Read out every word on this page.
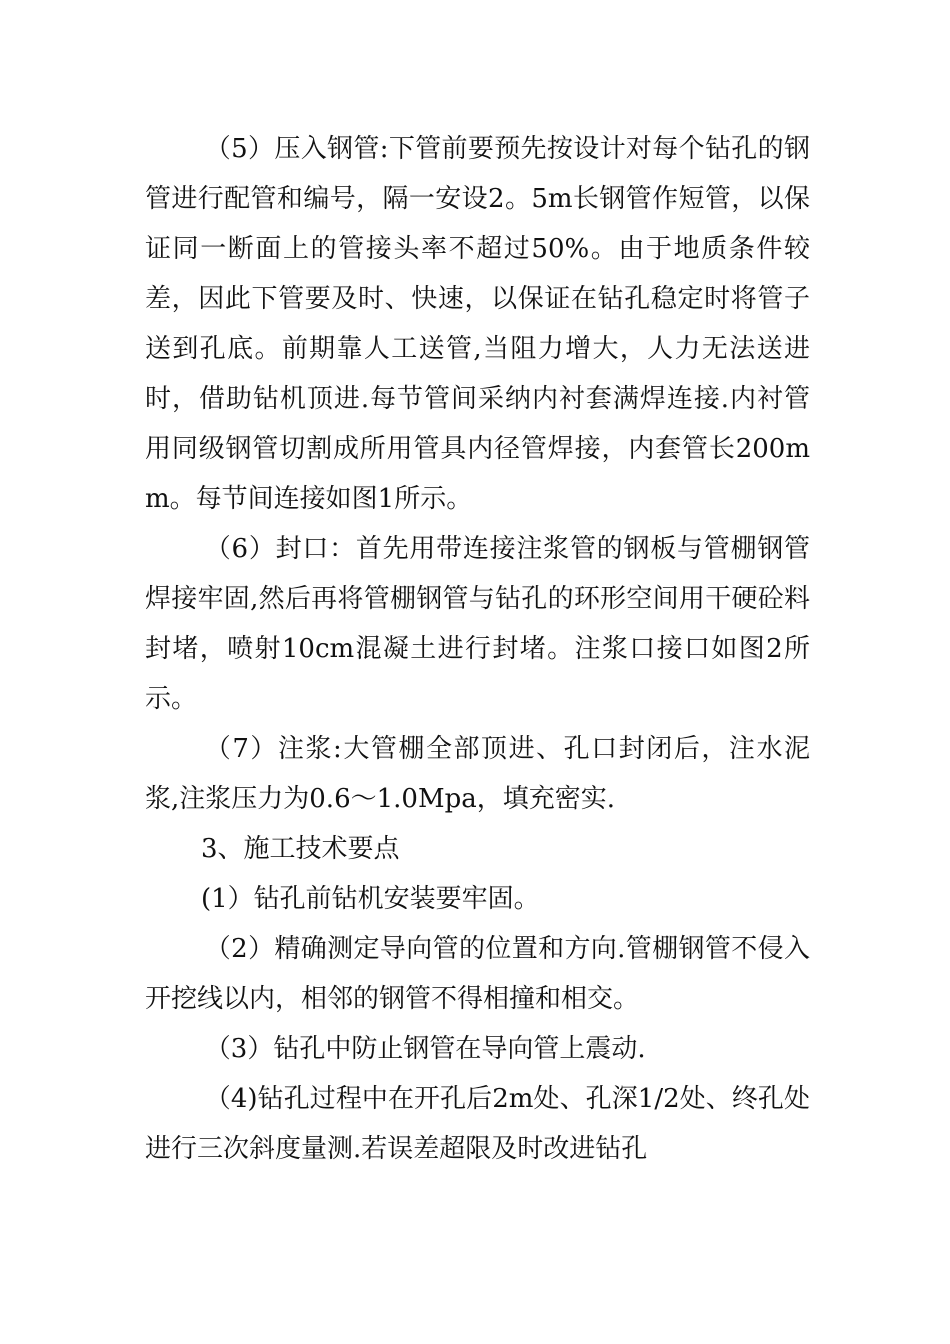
（5）压入钢管:下管前要预先按设计对每个钻孔的钢管进行配管和编号，隔一安设2。5m长钢管作短管，以保证同一断面上的管接头率不超过50%。由于地质条件较差，因此下管要及时、快速，以保证在钻孔稳定时将管子送到孔底。前期靠人工送管,当阻力增大，人力无法送进时，借助钻机顶进.每节管间采纳内衬套满焊连接.内衬管用同级钢管切割成所用管具内径管焊接，内套管长200mm。每节间连接如图1所示。

（6）封口：首先用带连接注浆管的钢板与管棚钢管焊接牢固,然后再将管棚钢管与钻孔的环形空间用干硬砼料封堵，喷射10cm混凝土进行封堵。注浆口接口如图2所示。

（7）注浆:大管棚全部顶进、孔口封闭后，注水泥浆,注浆压力为0.6～1.0Mpa，填充密实.

3、施工技术要点

(1）钻孔前钻机安装要牢固。

（2）精确测定导向管的位置和方向.管棚钢管不侵入开挖线以内，相邻的钢管不得相撞和相交。

（3）钻孔中防止钢管在导向管上震动.

（4)钻孔过程中在开孔后2m处、孔深1/2处、终孔处进行三次斜度量测.若误差超限及时改进钻孔
